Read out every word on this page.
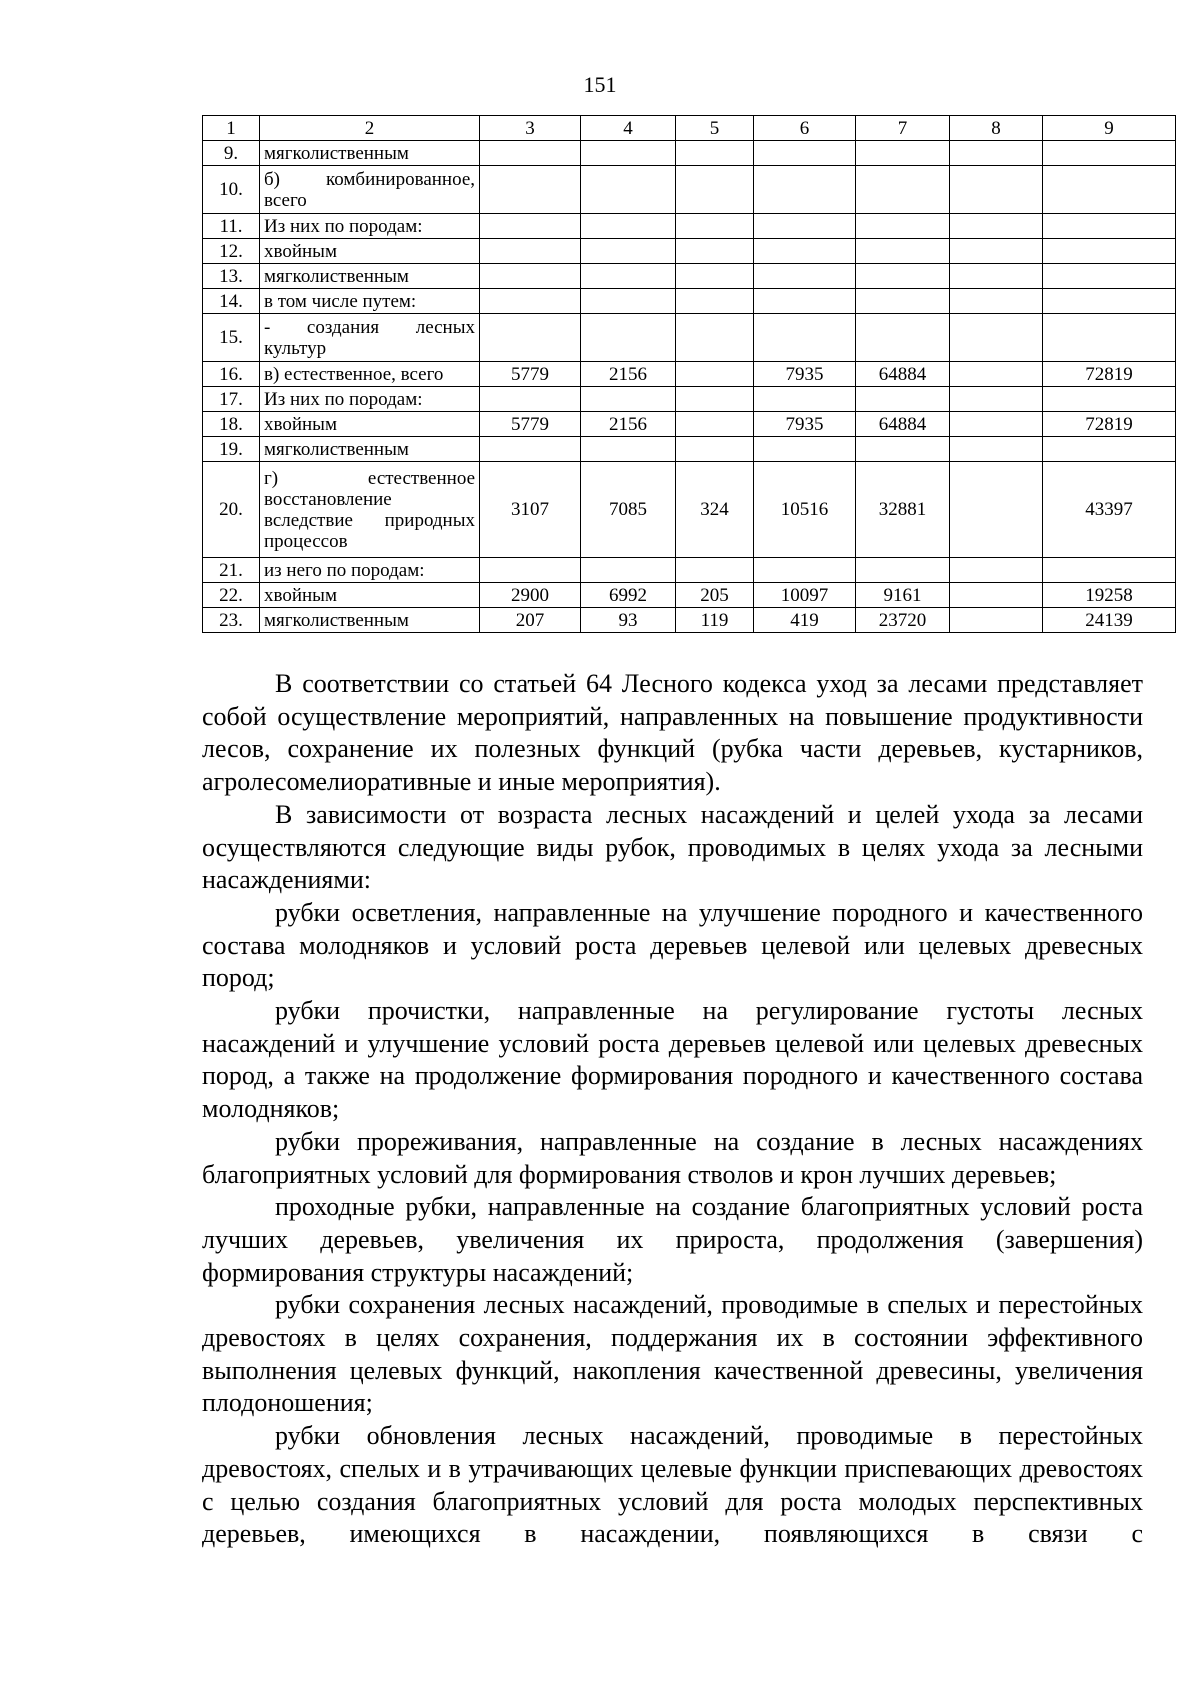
151
1	2	3	4	5	6	7	8	9
9.	мягколиственным							
10.	б) комбинированное, всего							
11.	Из них по породам:							
12.	хвойным							
13.	мягколиственным							
14.	в том числе путем:							
15.	- создания лесных культур							
16.	в) естественное, всего	5779	2156		7935	64884		72819
17.	Из них по породам:							
18.	хвойным	5779	2156		7935	64884		72819
19.	мягколиственным							
20.	г) естественное восстановление вследствие природных процессов	3107	7085	324	10516	32881		43397
21.	из него по породам:							
22.	хвойным	2900	6992	205	10097	9161		19258
23.	мягколиственным	207	93	119	419	23720		24139

В соответствии со статьей 64 Лесного кодекса уход за лесами представляет собой осуществление мероприятий, направленных на повышение продуктивности лесов, сохранение их полезных функций (рубка части деревьев, кустарников, агролесомелиоративные и иные мероприятия).

В зависимости от возраста лесных насаждений и целей ухода за лесами осуществляются следующие виды рубок, проводимых в целях ухода за лесными насаждениями:

рубки осветления, направленные на улучшение породного и качественного состава молодняков и условий роста деревьев целевой или целевых древесных пород;

рубки прочистки, направленные на регулирование густоты лесных насаждений и улучшение условий роста деревьев целевой или целевых древесных пород, а также на продолжение формирования породного и качественного состава молодняков;

рубки прореживания, направленные на создание в лесных насаждениях благоприятных условий для формирования стволов и крон лучших деревьев;

проходные рубки, направленные на создание благоприятных условий роста лучших деревьев, увеличения их прироста, продолжения (завершения) формирования структуры насаждений;

рубки сохранения лесных насаждений, проводимые в спелых и перестойных древостоях в целях сохранения, поддержания их в состоянии эффективного выполнения целевых функций, накопления качественной древесины, увеличения плодоношения;

рубки обновления лесных насаждений, проводимые в перестойных древостоях, спелых и в утрачивающих целевые функции приспевающих древостоях с целью создания благоприятных условий для роста молодых перспективных деревьев, имеющихся в насаждении, появляющихся в связи с
